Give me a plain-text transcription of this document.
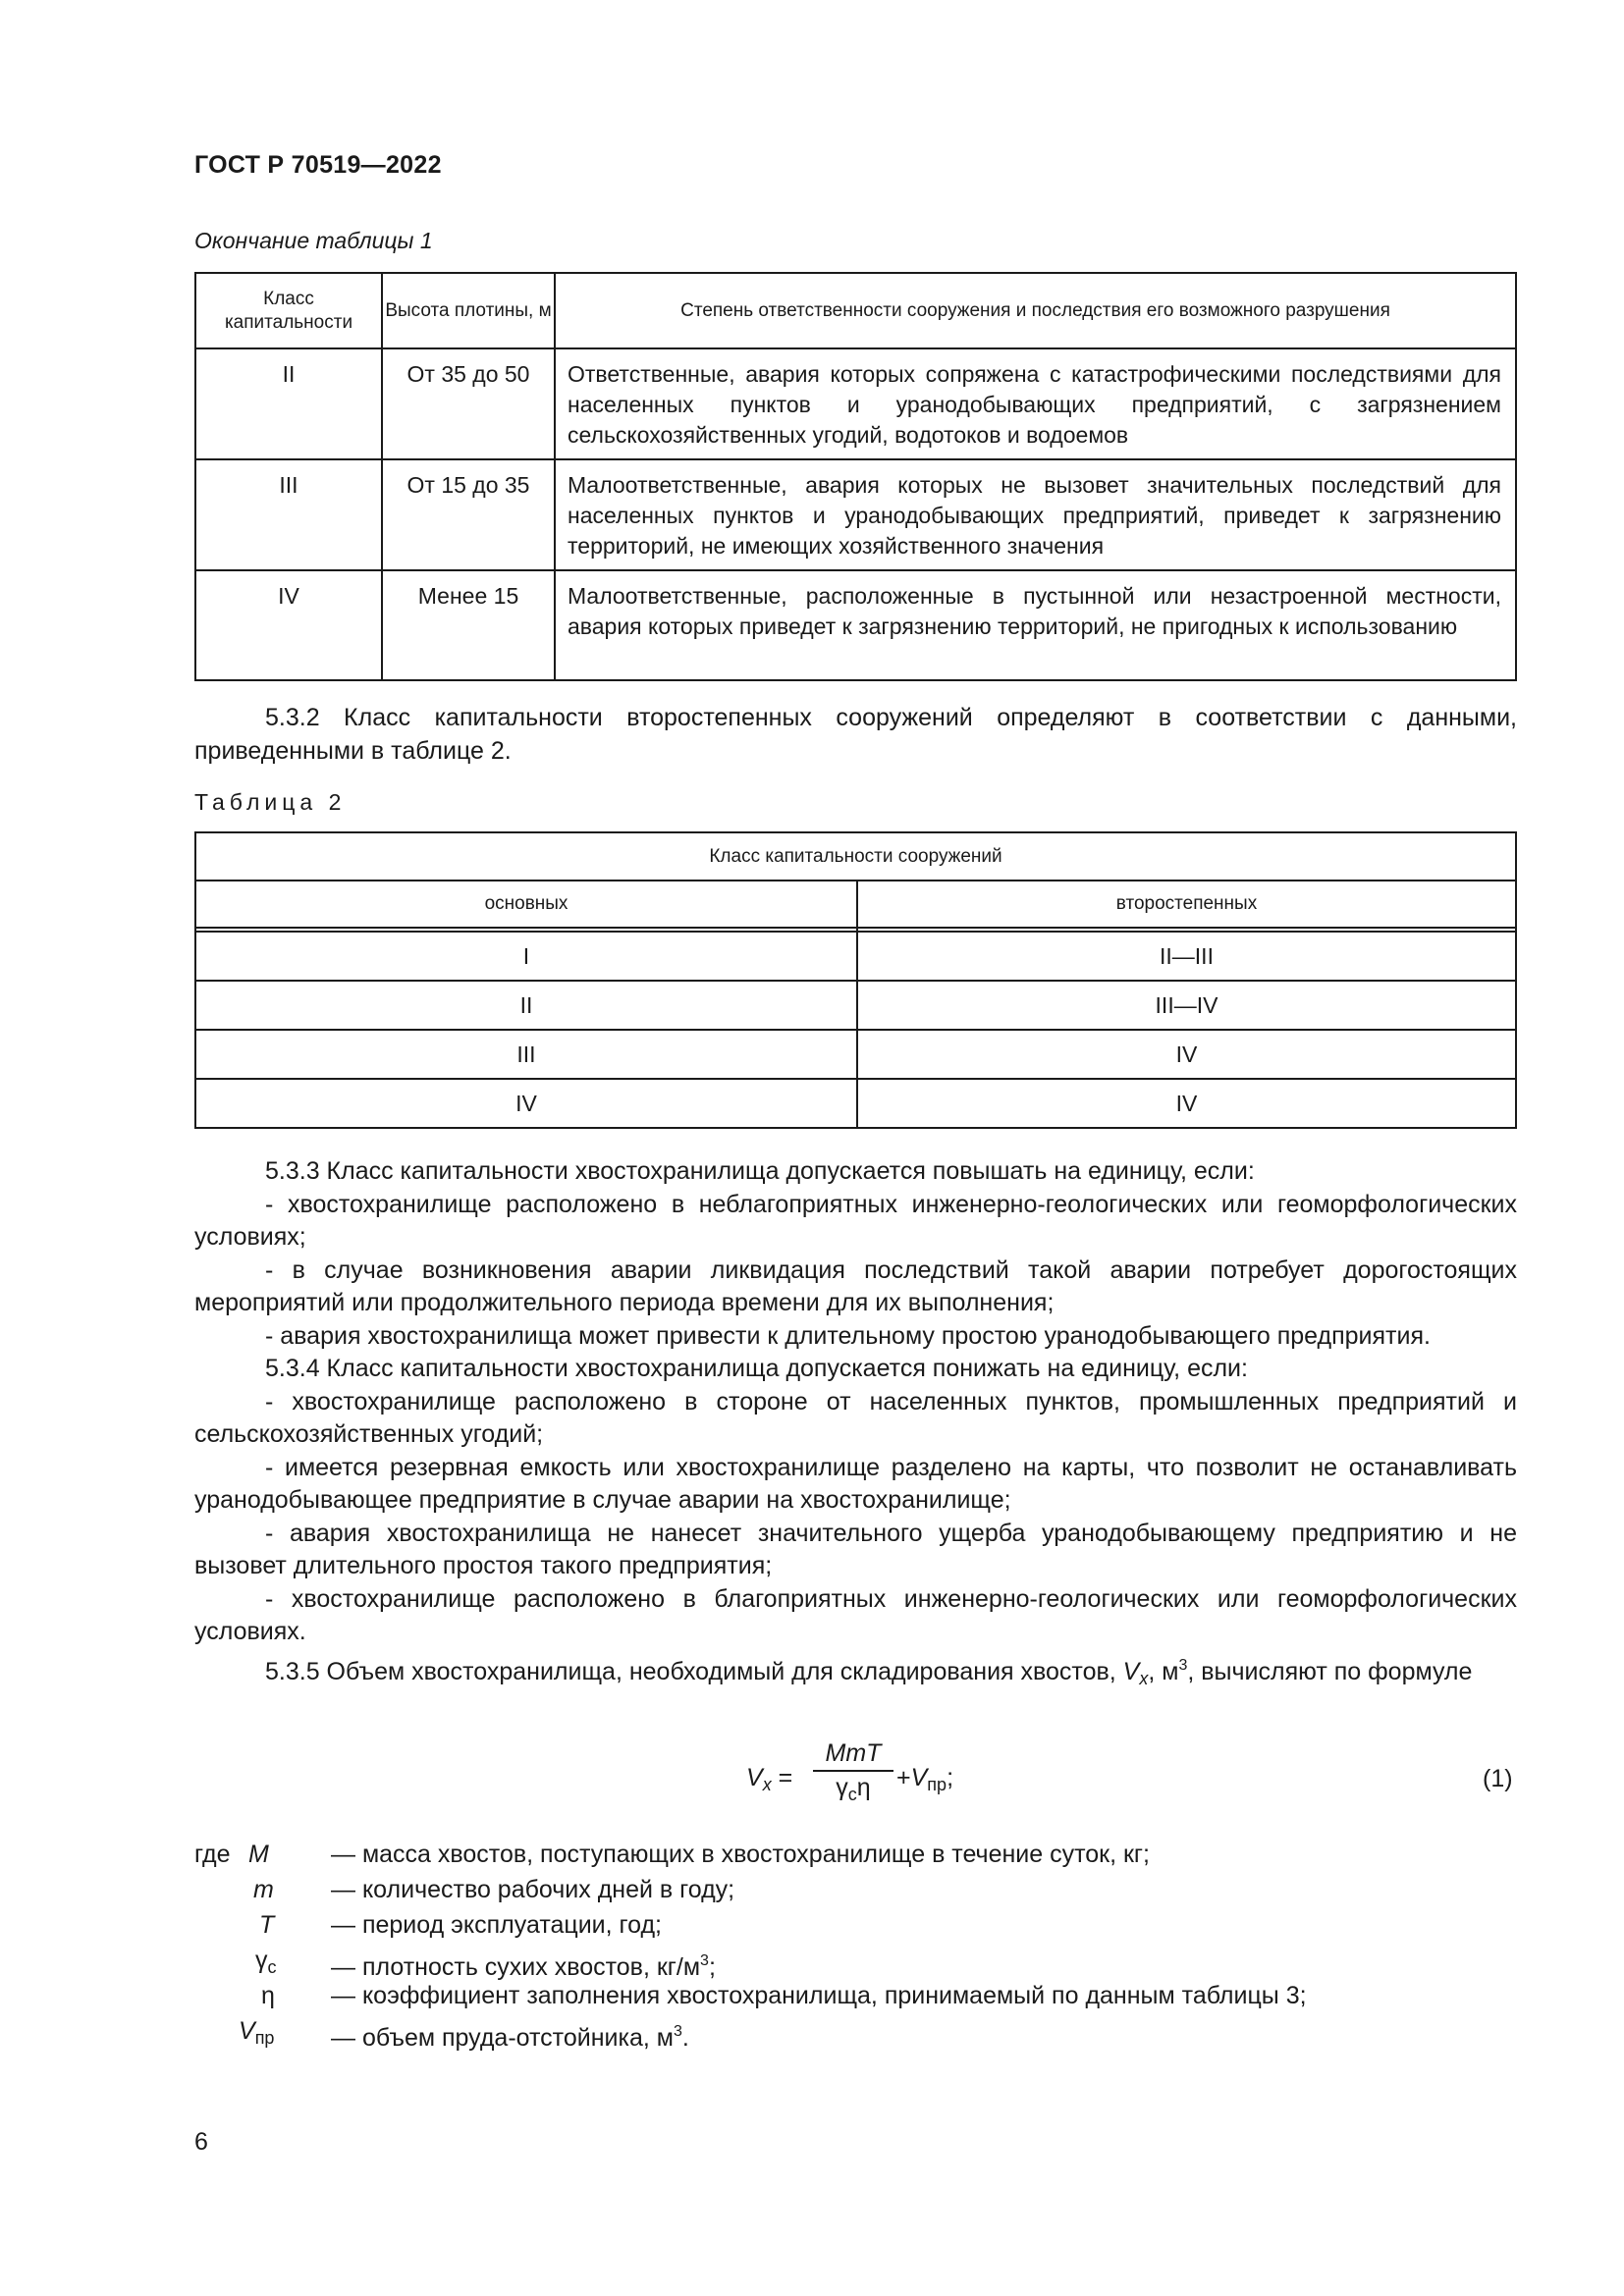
ГОСТ Р 70519—2022
Окончание таблицы 1
Класс капитальности	Высота плотины, м	Степень ответственности сооружения и последствия его возможного разрушения
II	От 35 до 50	Ответственные, авария которых сопряжена с катастрофическими последствиями для населенных пунктов и уранодобывающих предприятий, с загрязнением сельскохозяйственных угодий, водотоков и водоемов
III	От 15 до 35	Малоответственные, авария которых не вызовет значительных последствий для населенных пунктов и уранодобывающих предприятий, приведет к загрязнению территорий, не имеющих хозяйственного значения
IV	Менее 15	Малоответственные, расположенные в пустынной или незастроенной местности, авария которых приведет к загрязнению территорий, не пригодных к использованию

5.3.2 Класс капитальности второстепенных сооружений определяют в соответствии с данными, приведенными в таблице 2.

Таблица 2
Класс капитальности сооружений	
основных	второстепенных

I	II—III
II	III—IV
III	IV
IV	IV

5.3.3 Класс капитальности хвостохранилища допускается повышать на единицу, если:

- хвостохранилище расположено в неблагоприятных инженерно-геологических или геоморфологических условиях;

- в случае возникновения аварии ликвидация последствий такой аварии потребует дорогостоящих мероприятий или продолжительного периода времени для их выполнения;

- авария хвостохранилища может привести к длительному простою уранодобывающего предприятия.

5.3.4 Класс капитальности хвостохранилища допускается понижать на единицу, если:

- хвостохранилище расположено в стороне от населенных пунктов, промышленных предприятий и сельскохозяйственных угодий;

- имеется резервная емкость или хвостохранилище разделено на карты, что позволит не останавливать уранодобывающее предприятие в случае аварии на хвостохранилище;

- авария хвостохранилища не нанесет значительного ущерба уранодобывающему предприятию и не вызовет длительного простоя такого предприятия;

- хвостохранилище расположено в благоприятных инженерно-геологических или геоморфологических условиях.

5.3.5 Объем хвостохранилища, необходимый для складирования хвостов, $V_x$, $м^3$, вычисляют по формуле

$V_x$ =
MmT
$\gamma_c\eta$	$+V_{пр}$;	(1)
где M	— масса хвостов, поступающих в хвостохранилище в течение суток, кг;
m — количество рабочих дней в году;
T — период эксплуатации, год;
$\gamma_c$ — плотность сухих хвостов, $кг/м^3$;
η — коэффициент заполнения хвостохранилища, принимаемый по данным таблицы 3;
$V_{пр}$ — объем пруда-отстойника, $м^3$.
6
